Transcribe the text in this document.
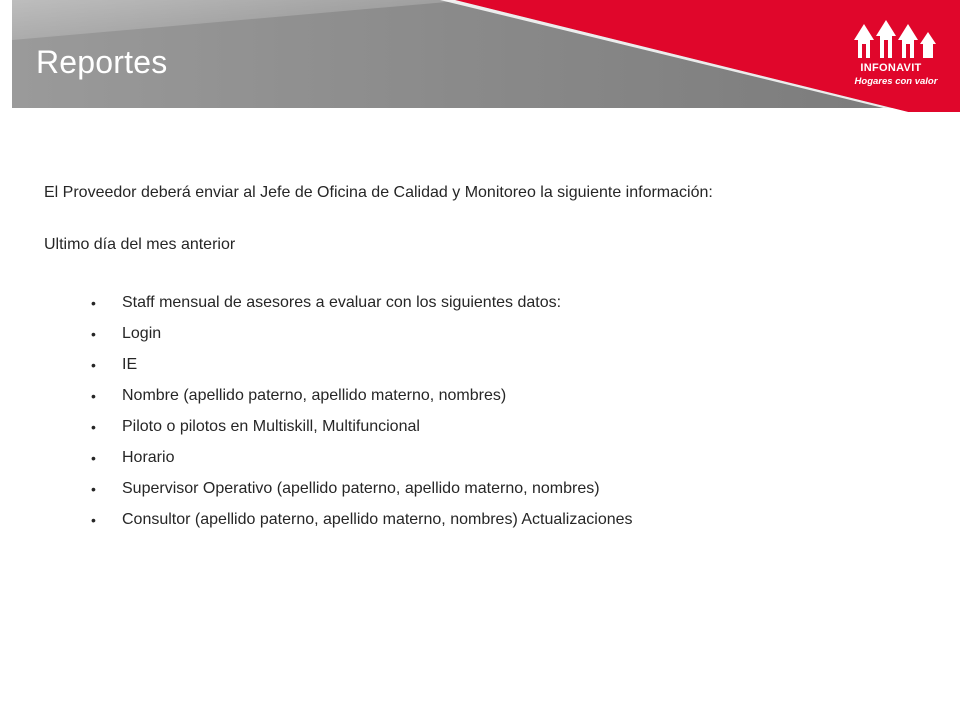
Reportes	INFONAVIT
Hogares con valor

El Proveedor deberá enviar al Jefe de Oficina de Calidad y Monitoreo la siguiente información:

Ultimo día del mes anterior

• Staff mensual de asesores a evaluar con los siguientes datos:
• Login
• IE
• Nombre (apellido paterno, apellido materno, nombres)
• Piloto o pilotos en Multiskill, Multifuncional
• Horario
• Supervisor Operativo (apellido paterno, apellido materno, nombres)
• Consultor (apellido paterno, apellido materno, nombres) Actualizaciones
